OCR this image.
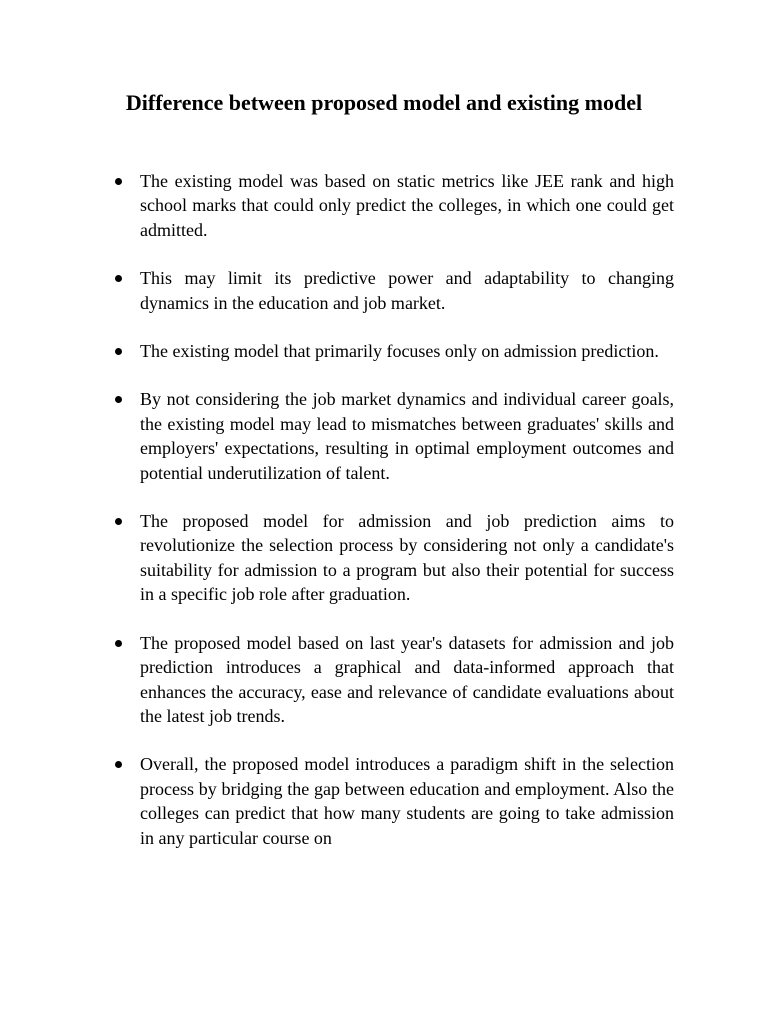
Difference between proposed model and existing model
The existing model was based on static metrics like JEE rank and high school marks that could only predict the colleges, in which one could get admitted.
This may limit its predictive power and adaptability to changing dynamics in the education and job market.
The existing model that primarily focuses only on admission prediction.
By not considering the job market dynamics and individual career goals, the existing model may lead to mismatches between graduates' skills and employers' expectations, resulting in optimal employment outcomes and potential underutilization of talent.
The proposed model for admission and job prediction aims to revolutionize the selection process by considering not only a candidate's suitability for admission to a program but also their potential for success in a specific job role after graduation.
The proposed model based on last year's datasets for admission and job prediction introduces a graphical and data-informed approach that enhances the accuracy, ease and relevance of candidate evaluations about the latest job trends.
Overall, the proposed model introduces a paradigm shift in the selection process by bridging the gap between education and employment. Also the colleges can predict that how many students are going to take admission in any particular course on
